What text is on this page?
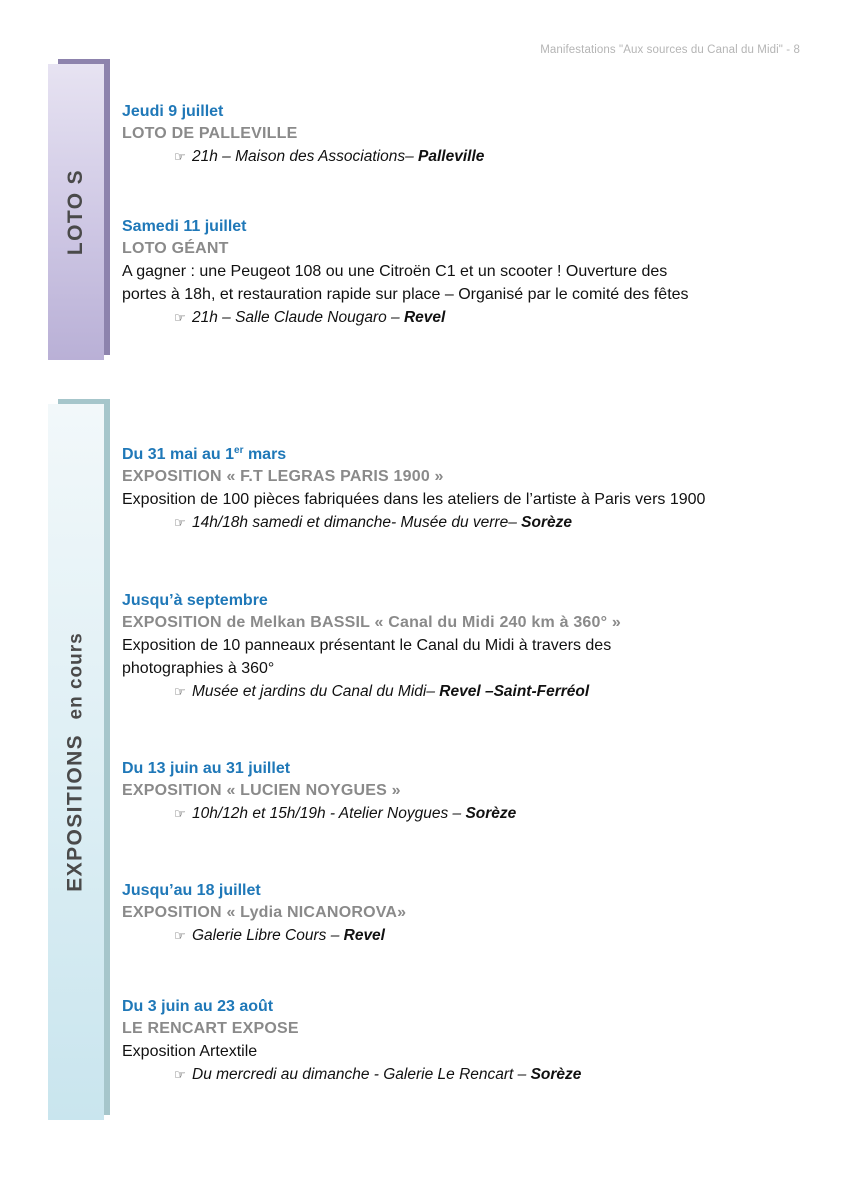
Manifestations "Aux sources du Canal du Midi" - 8
LOTO S
EXPOSITIONS  en cours
Jeudi 9 juillet
LOTO DE PALLEVILLE
☞ 21h – Maison des Associations– Palleville
Samedi 11 juillet
LOTO GÉANT
A gagner : une Peugeot 108 ou une Citroën C1 et un scooter ! Ouverture des
portes à 18h, et restauration rapide sur place – Organisé par le comité des fêtes
☞ 21h – Salle Claude Nougaro – Revel
Du 31 mai au 1er mars
EXPOSITION « F.T LEGRAS PARIS 1900 »
Exposition de 100 pièces fabriquées dans les ateliers de l’artiste à Paris vers 1900
☞ 14h/18h samedi et dimanche- Musée du verre– Sorèze
Jusqu’à septembre
EXPOSITION de Melkan BASSIL « Canal du Midi 240 km à 360° »
Exposition de 10 panneaux présentant le Canal du Midi à travers des
photographies à 360°
☞ Musée et jardins du Canal du Midi– Revel –Saint-Ferréol
Du 13 juin au 31 juillet
EXPOSITION « LUCIEN NOYGUES »
☞ 10h/12h et 15h/19h - Atelier Noygues – Sorèze
Jusqu’au 18 juillet
EXPOSITION « Lydia NICANOROVA»
☞ Galerie Libre Cours – Revel
Du 3 juin au 23 août
LE RENCART EXPOSE
Exposition Artextile
☞ Du mercredi au dimanche - Galerie Le Rencart – Sorèze
